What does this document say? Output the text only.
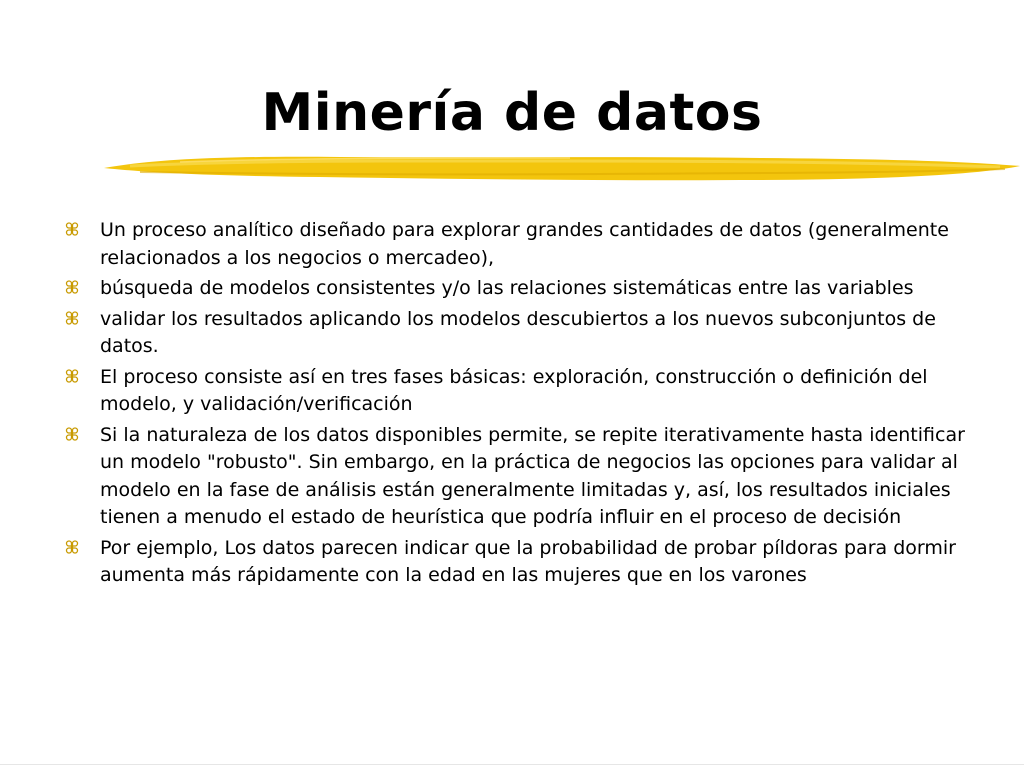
Minería de datos
Un proceso analítico diseñado para explorar grandes cantidades de datos (generalmente relacionados a los negocios o mercadeo),
búsqueda de modelos consistentes y/o las relaciones sistemáticas entre las variables
validar los resultados aplicando los modelos descubiertos a los nuevos subconjuntos de datos.
El proceso consiste así en tres fases básicas: exploración, construcción o definición del modelo, y validación/verificación
Si la naturaleza de los datos disponibles permite, se repite iterativamente hasta identificar un modelo "robusto". Sin embargo, en la práctica de negocios las opciones para validar al modelo en la fase de análisis están generalmente limitadas y, así, los resultados iniciales tienen a menudo el estado de heurística que podría influir en el proceso de decisión
Por ejemplo, Los datos parecen indicar que la probabilidad de probar píldoras para dormir aumenta más rápidamente con la edad en las mujeres que en los varones
